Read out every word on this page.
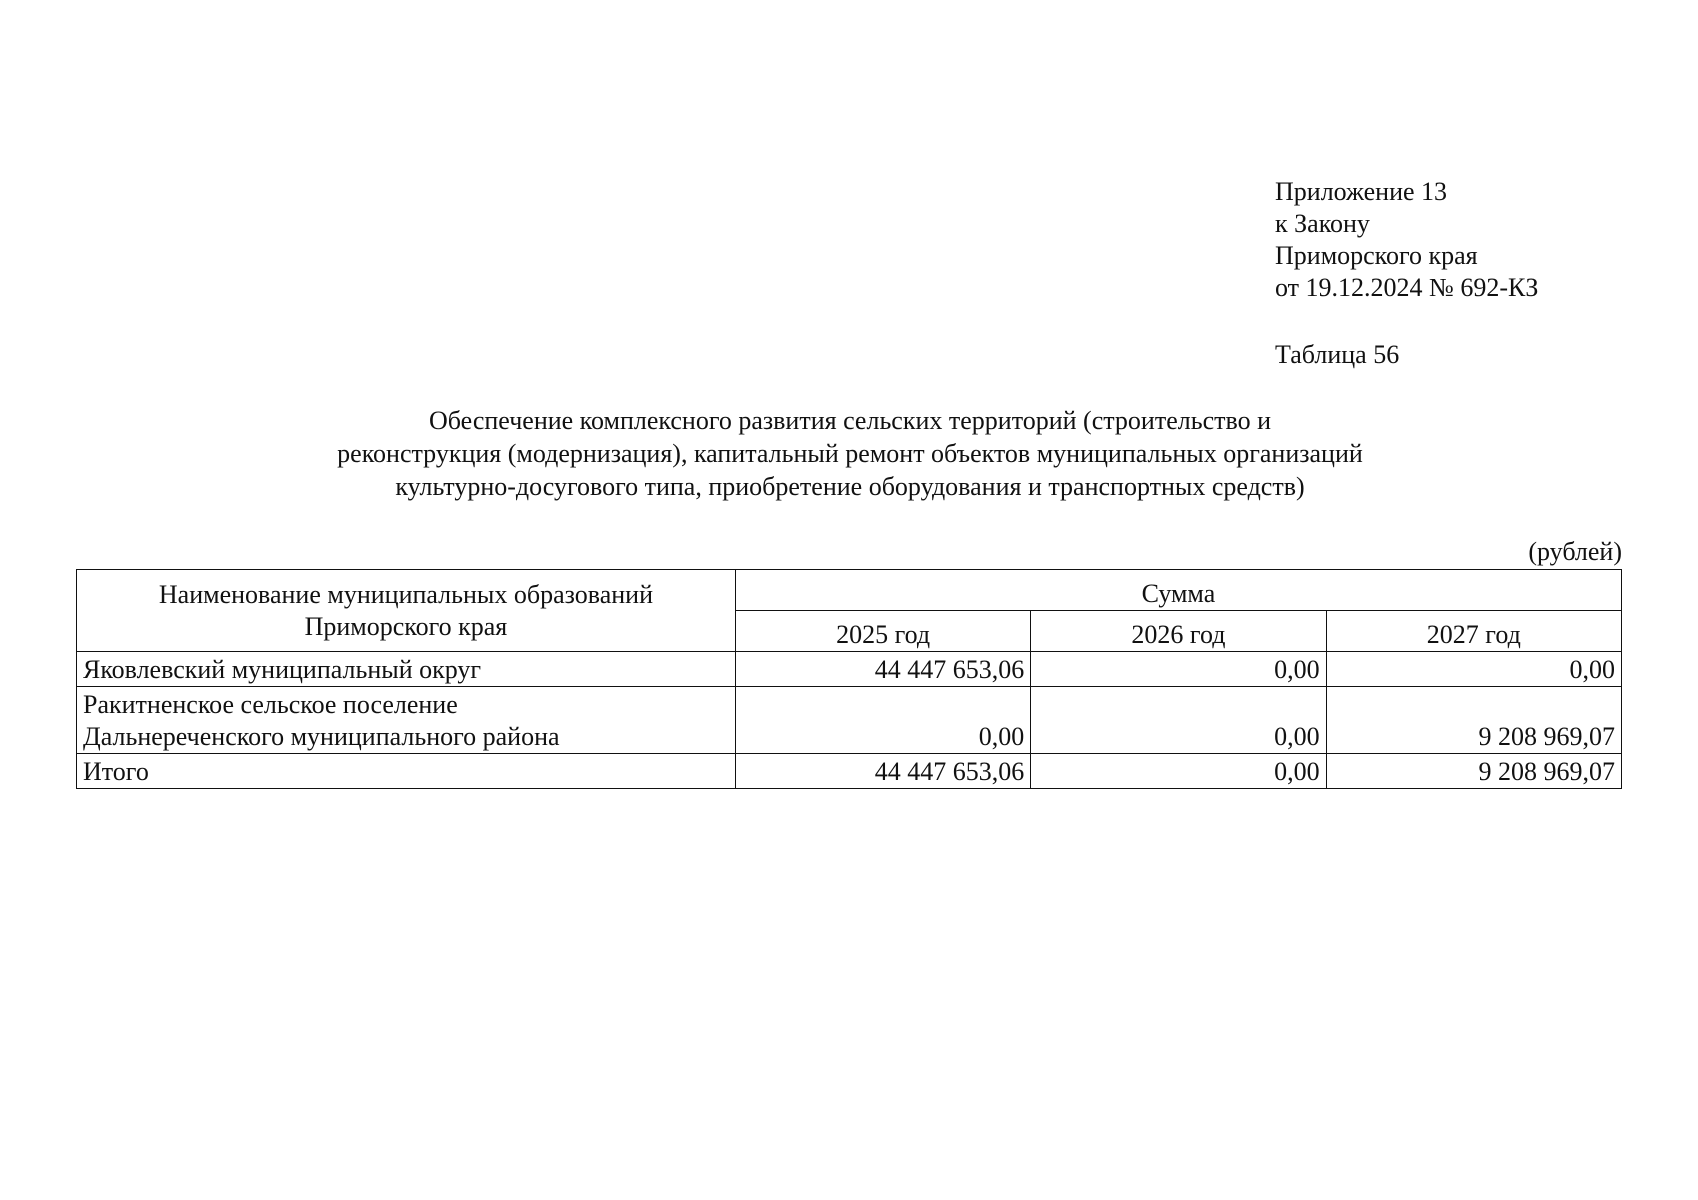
Приложение 13
к Закону
Приморского края
от 19.12.2024 № 692-КЗ
Таблица 56
Обеспечение комплексного развития сельских территорий (строительство и
реконструкция (модернизация), капитальный ремонт объектов муниципальных организаций
культурно-досугового типа, приобретение оборудования и транспортных средств)
(рублей)
Наименование муниципальных образований
Приморского края	Сумма		
	2025 год	2026 год	2027 год

Яковлевский муниципальный округ	44 447 653,06	0,00	0,00

Ракитненское сельское поселение
Дальнереченского муниципального района	0,00	0,00	9 208 969,07
Итого	44 447 653,06	0,00	9 208 969,07
